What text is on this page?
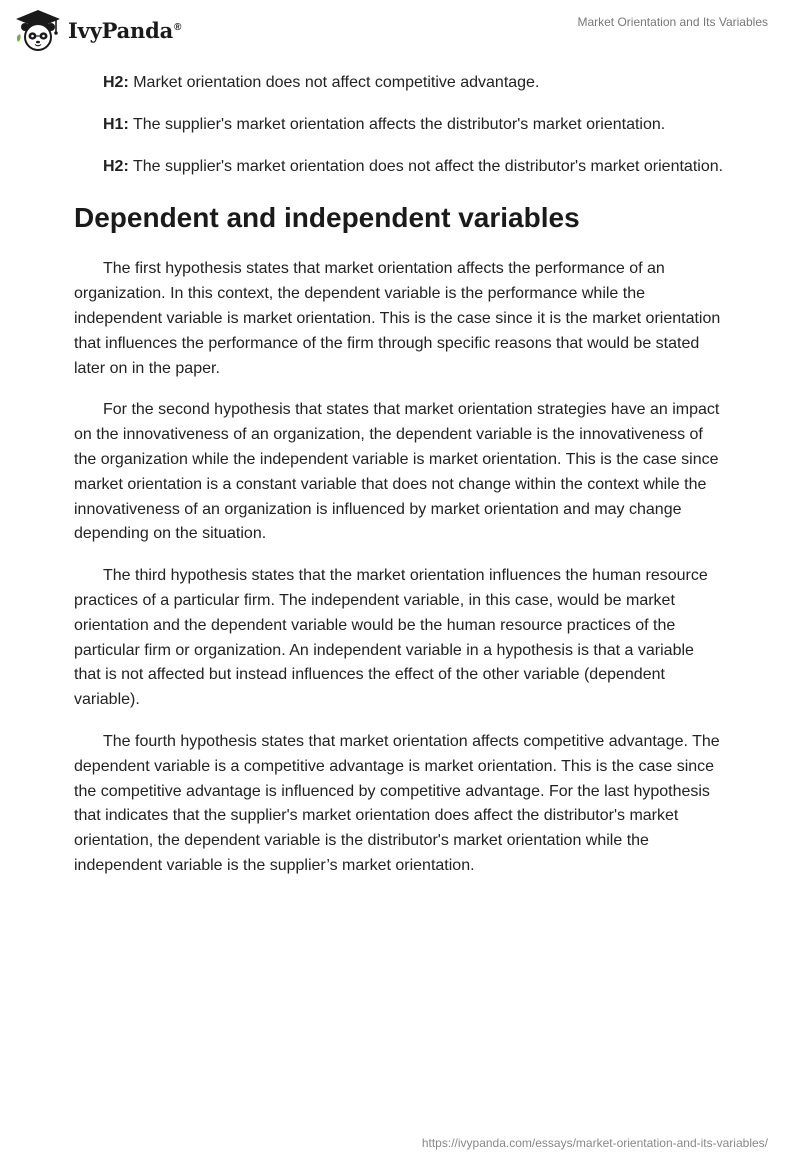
IvyPanda®	Market Orientation and Its Variables

H2: Market orientation does not affect competitive advantage.

H1: The supplier's market orientation affects the distributor's market orientation.

H2: The supplier's market orientation does not affect the distributor's market orientation.

Dependent and independent variables

The first hypothesis states that market orientation affects the performance of an organization. In this context, the dependent variable is the performance while the independent variable is market orientation. This is the case since it is the market orientation that influences the performance of the firm through specific reasons that would be stated later on in the paper.

For the second hypothesis that states that market orientation strategies have an impact on the innovativeness of an organization, the dependent variable is the innovativeness of the organization while the independent variable is market orientation. This is the case since market orientation is a constant variable that does not change within the context while the innovativeness of an organization is influenced by market orientation and may change depending on the situation.

The third hypothesis states that the market orientation influences the human resource practices of a particular firm. The independent variable, in this case, would be market orientation and the dependent variable would be the human resource practices of the particular firm or organization. An independent variable in a hypothesis is that a variable that is not affected but instead influences the effect of the other variable (dependent variable).

The fourth hypothesis states that market orientation affects competitive advantage. The dependent variable is a competitive advantage is market orientation. This is the case since the competitive advantage is influenced by competitive advantage. For the last hypothesis that indicates that the supplier's market orientation does affect the distributor's market orientation, the dependent variable is the distributor's market orientation while the independent variable is the supplier’s market orientation.

https://ivypanda.com/essays/market-orientation-and-its-variables/
